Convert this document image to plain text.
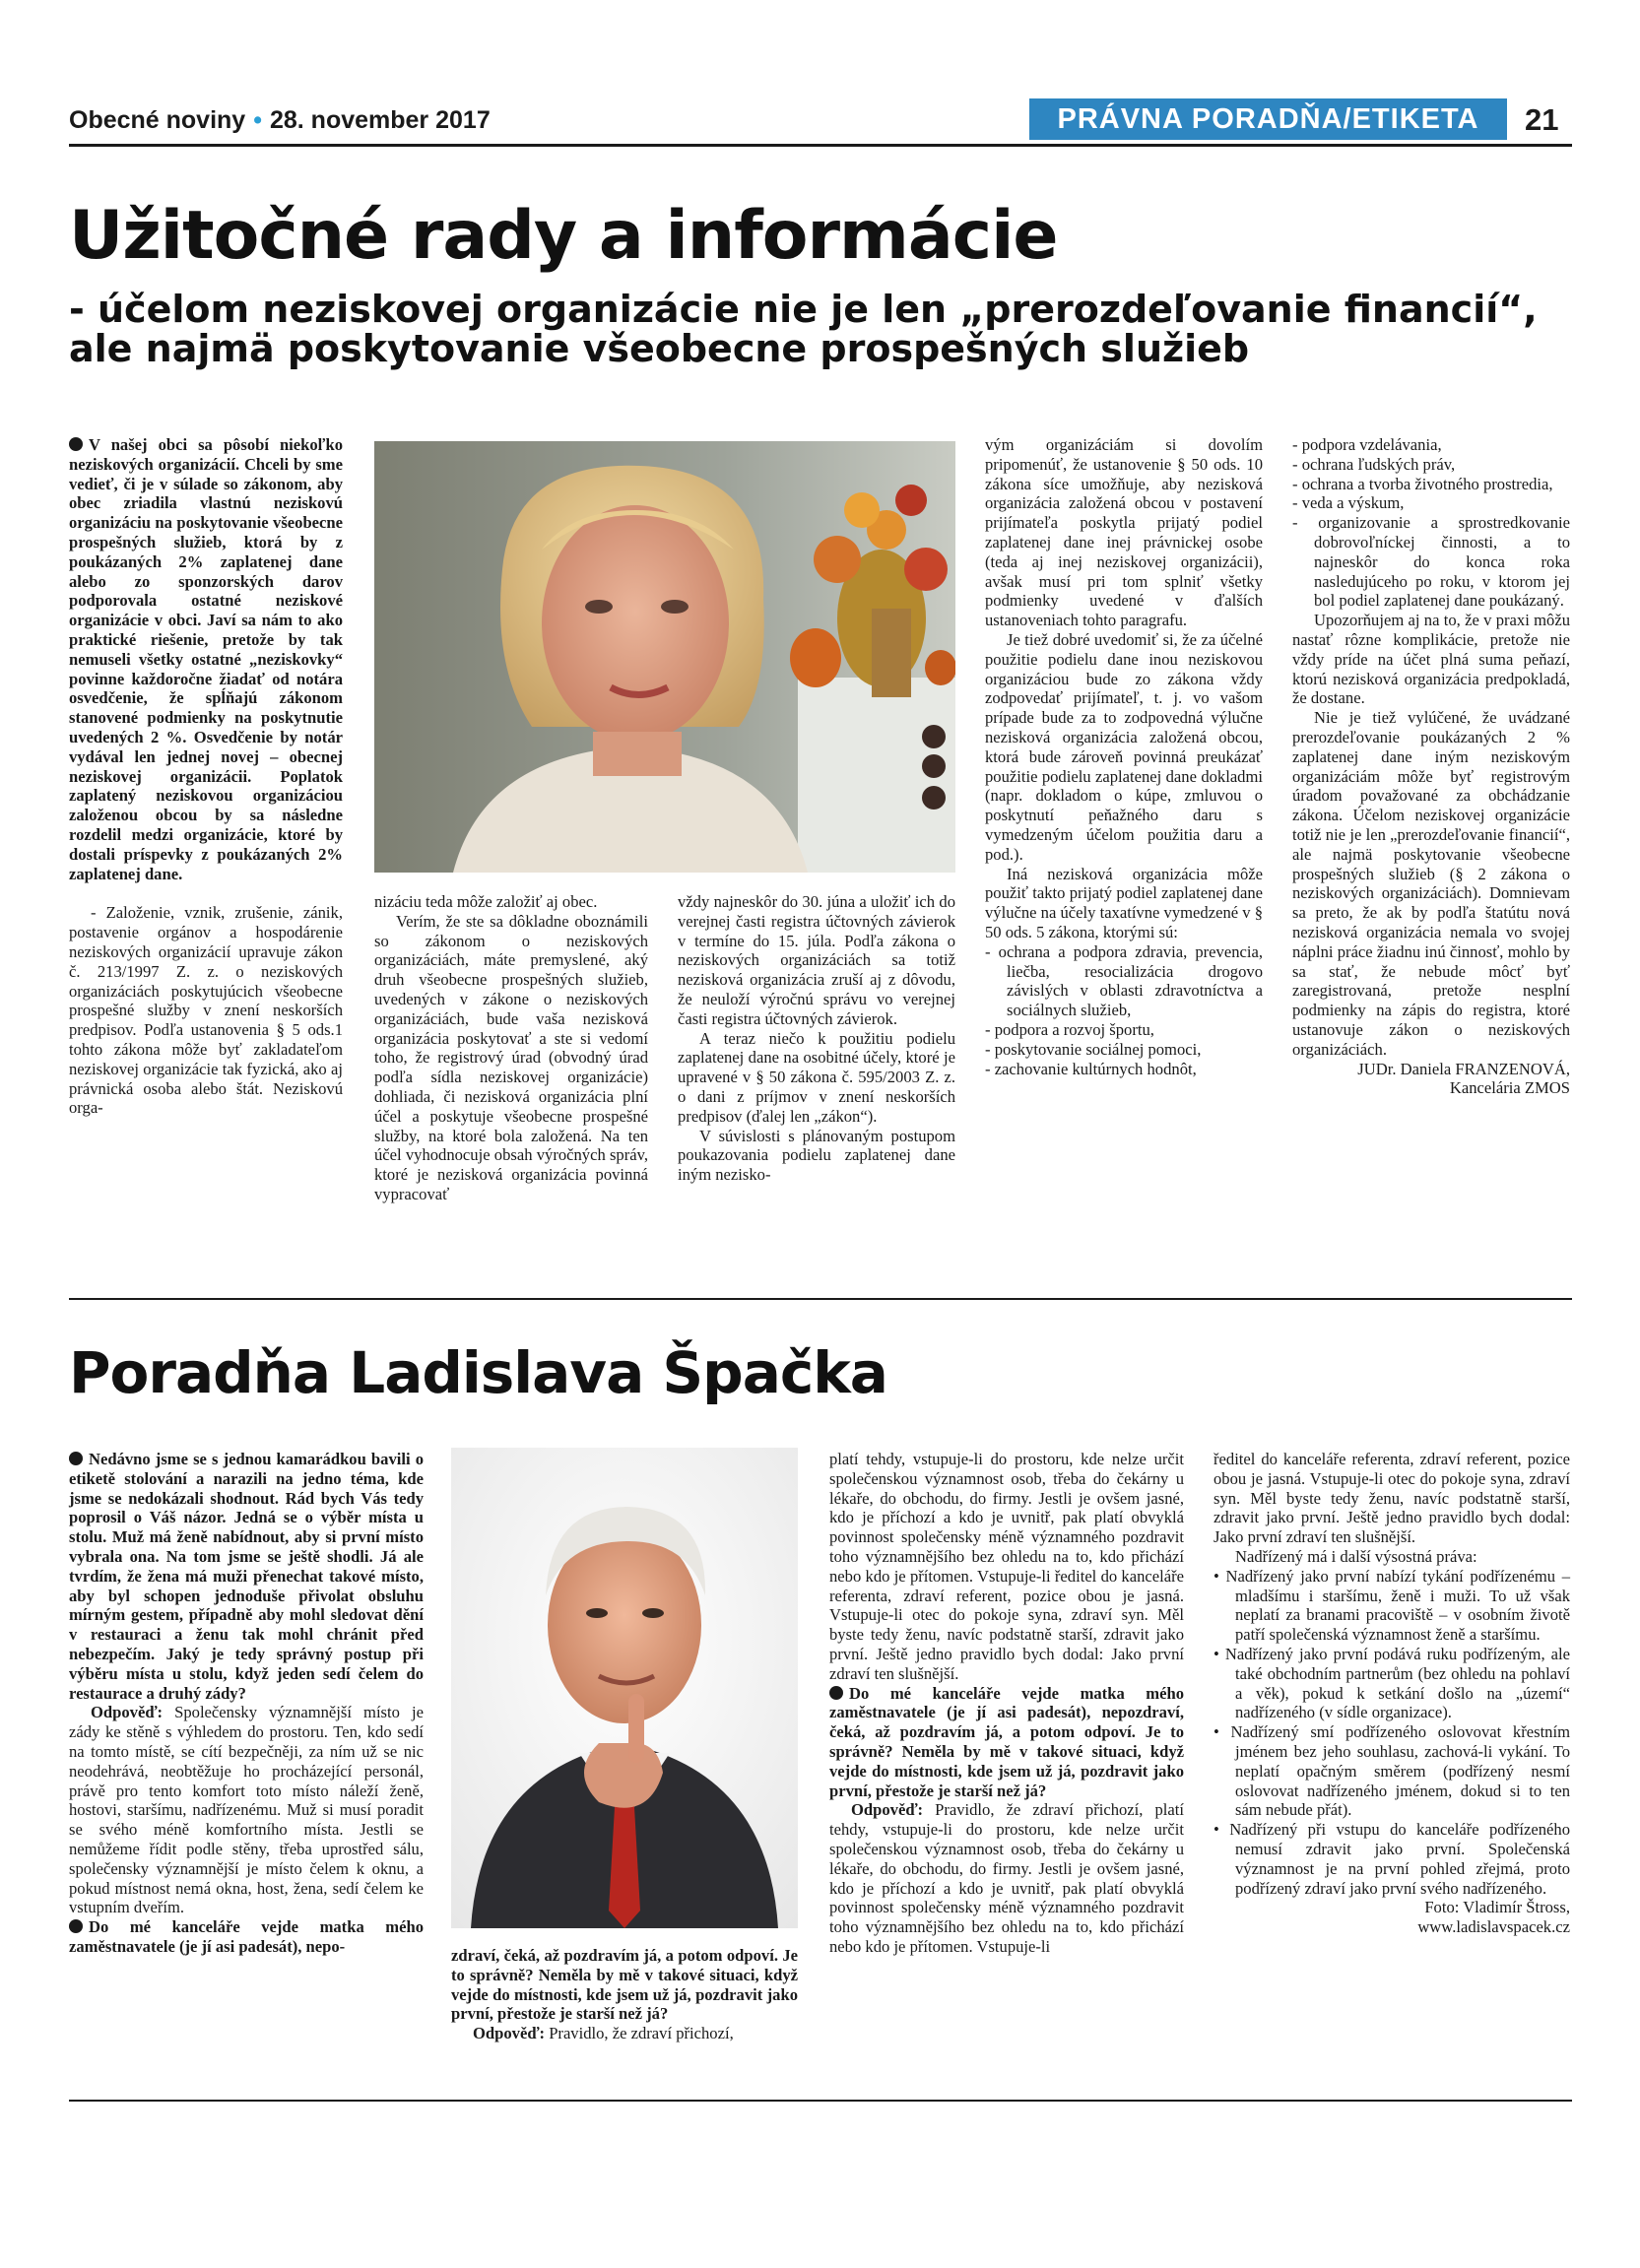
Obecné noviny • 28. november 2017	PRÁVNA PORADŇA/ETIKETA	21
Užitočné rady a informácie
- účelom neziskovej organizácie nie je len „prerozdeľovanie financií“, ale najmä poskytovanie všeobecne prospešných služieb

V našej obci sa pôsobí niekoľko neziskových organizácií. Chceli by sme vedieť, či je v súlade so zákonom, aby obec zriadila vlastnú neziskovú organizáciu na poskytovanie všeobecne prospešných služieb, ktorá by z poukázaných 2% zaplatenej dane alebo zo sponzorských darov podporovala ostatné neziskové organizácie v obci. Javí sa nám to ako praktické riešenie, pretože by tak nemuseli všetky ostatné „neziskovky“ povinne každoročne žiadať od notára osvedčenie, že spĺňajú zákonom stanovené podmienky na poskytnutie uvedených 2 %. Osvedčenie by notár vydával len jednej novej – obecnej neziskovej organizácii. Poplatok zaplatený neziskovou organizáciou založenou obcou by sa následne rozdelil medzi organizácie, ktoré by dostali príspevky z poukázaných 2% zaplatenej dane.

- Založenie, vznik, zrušenie, zánik, postavenie orgánov a hospodárenie neziskových organizácií upravuje zákon č. 213/1997 Z. z. o neziskových organizáciách poskytujúcich všeobecne prospešné služby v znení neskorších predpisov. Podľa ustanovenia § 5 ods.1 tohto zákona môže byť zakladateľom neziskovej organizácie tak fyzická, ako aj právnická osoba alebo štát. Neziskovú orga-

nizáciu teda môže založiť aj obec.

Verím, že ste sa dôkladne oboznámili so zákonom o neziskových organizáciách, máte premyslené, aký druh všeobecne prospešných služieb, uvedených v zákone o neziskových organizáciách, bude vaša nezisková organizácia poskytovať a ste si vedomí toho, že registrový úrad (obvodný úrad podľa sídla neziskovej organizácie) dohliada, či nezisková organizácia plní účel a poskytuje všeobecne prospešné služby, na ktoré bola založená. Na ten účel vyhodnocuje obsah výročných správ, ktoré je nezisková organizácia povinná vypracovať

vždy najneskôr do 30. júna a uložiť ich do verejnej časti registra účtovných závierok v termíne do 15. júla. Podľa zákona o neziskových organizáciách sa totiž nezisková organizácia zruší aj z dôvodu, že neuloží výročnú správu vo verejnej časti registra účtovných závierok.

A teraz niečo k použitiu podielu zaplatenej dane na osobitné účely, ktoré je upravené v § 50 zákona č. 595/2003 Z. z. o dani z príjmov v znení neskorších predpisov (ďalej len „zákon“).

V súvislosti s plánovaným postupom poukazovania podielu zaplatenej dane iným nezisko-

vým organizáciám si dovolím pripomenúť, že ustanovenie § 50 ods. 10 zákona síce umožňuje, aby nezisková organizácia založená obcou v postavení prijímateľa poskytla prijatý podiel zaplatenej dane inej právnickej osobe (teda aj inej neziskovej organizácii), avšak musí pri tom splniť všetky podmienky uvedené v ďalších ustanoveniach tohto paragrafu.

Je tiež dobré uvedomiť si, že za účelné použitie podielu dane inou neziskovou organizáciou bude zo zákona vždy zodpovedať prijímateľ, t. j. vo vašom prípade bude za to zodpovedná výlučne nezisková organizácia založená obcou, ktorá bude zároveň povinná preukázať použitie podielu zaplatenej dane dokladmi (napr. dokladom o kúpe, zmluvou o poskytnutí peňažného daru s vymedzeným účelom použitia daru a pod.).

Iná nezisková organizácia môže použiť takto prijatý podiel zaplatenej dane výlučne na účely taxatívne vymedzené v § 50 ods. 5 zákona, ktorými sú:

- ochrana a podpora zdravia, prevencia, liečba, resocializácia drogovo závislých v oblasti zdravotníctva a sociálnych služieb,
- podpora a rozvoj športu,
- poskytovanie sociálnej pomoci,
- zachovanie kultúrnych hodnôt,
- podpora vzdelávania,
- ochrana ľudských práv,
- ochrana a tvorba životného prostredia,
- veda a výskum,
- organizovanie a sprostredkovanie dobrovoľníckej činnosti, a to najneskôr do konca roka nasledujúceho po roku, v ktorom jej bol podiel zaplatenej dane poukázaný.

Upozorňujem aj na to, že v praxi môžu nastať rôzne komplikácie, pretože nie vždy príde na účet plná suma peňazí, ktorú nezisková organizácia predpokladá, že dostane.

Nie je tiež vylúčené, že uvádzané prerozdeľovanie poukázaných 2 % zaplatenej dane iným neziskovým organizáciám môže byť registrovým úradom považované za obchádzanie zákona. Účelom neziskovej organizácie totiž nie je len „prerozdeľovanie financií“, ale najmä poskytovanie všeobecne prospešných služieb (§ 2 zákona o neziskových organizáciách). Domnievam sa preto, že ak by podľa štatútu nová nezisková organizácia nemala vo svojej náplni práce žiadnu inú činnosť, mohlo by sa stať, že nebude môcť byť zaregistrovaná, pretože nesplní podmienky na zápis do registra, ktoré ustanovuje zákon o neziskových organizáciách.

JUDr. Daniela FRANZENOVÁ,

Kancelária ZMOS

Poradňa Ladislava Špačka

Nedávno jsme se s jednou kamarádkou bavili o etiketě stolování a narazili na jedno téma, kde jsme se nedokázali shodnout. Rád bych Vás tedy poprosil o Váš názor. Jedná se o výběr místa u stolu. Muž má ženě nabídnout, aby si první místo vybrala ona. Na tom jsme se ještě shodli. Já ale tvrdím, že žena má muži přenechat takové místo, aby byl schopen jednoduše přivolat obsluhu mírným gestem, případně aby mohl sledovat dění v restauraci a ženu tak mohl chránit před nebezpečím. Jaký je tedy správný postup při výběru místa u stolu, když jeden sedí čelem do restaurace a druhý zády?

Odpověď: Společensky významnější místo je zády ke stěně s výhledem do prostoru. Ten, kdo sedí na tomto místě, se cítí bezpečněji, za ním už se nic neodehrává, neobtěžuje ho procházející personál, právě pro tento komfort toto místo náleží ženě, hostovi, staršímu, nadřízenému. Muž si musí poradit se svého méně komfortního místa. Jestli se nemůžeme řídit podle stěny, třeba uprostřed sálu, společensky významnější je místo čelem k oknu, a pokud místnost nemá okna, host, žena, sedí čelem ke vstupním dveřím.

Do mé kanceláře vejde matka mého zaměstnavatele (je jí asi padesát), nepo-	zdraví, čeká, až pozdravím já, a potom odpoví. Je to správně? Neměla by mě v takové situaci, když vejde do místnosti, kde jsem už já, pozdravit jako první, přestože je starší než já?

Odpověď: Pravidlo, že zdraví přichozí,

platí tehdy, vstupuje-li do prostoru, kde nelze určit společenskou významnost osob, třeba do čekárny u lékaře, do obchodu, do firmy. Jestli je ovšem jasné, kdo je příchozí a kdo je uvnitř, pak platí obvyklá povinnost společensky méně významného pozdravit toho významnějšího bez ohledu na to, kdo přichází nebo kdo je přítomen. Vstupuje-li ředitel do kanceláře referenta, zdraví referent, pozice obou je jasná. Vstupuje-li otec do pokoje syna, zdraví syn. Měl byste tedy ženu, navíc podstatně starší, zdravit jako první. Ještě jedno pravidlo bych dodal: Jako první zdraví ten slušnější.

Do mé kanceláře vejde matka mého zaměstnavatele (je jí asi padesát), nepozdraví, čeká, až pozdravím já, a potom odpoví. Je to správně? Neměla by mě v takové situaci, když vejde do místnosti, kde jsem už já, pozdravit jako první, přestože je starší než já?

Odpověď: Pravidlo, že zdraví přichozí, platí tehdy, vstupuje-li do prostoru, kde nelze určit společenskou významnost osob, třeba do čekárny u lékaře, do obchodu, do firmy. Jestli je ovšem jasné, kdo je příchozí a kdo je uvnitř, pak platí obvyklá povinnost společensky méně významného pozdravit toho významnějšího bez ohledu na to, kdo přichází nebo kdo je přítomen. Vstupuje-li

ředitel do kanceláře referenta, zdraví referent, pozice obou je jasná. Vstupuje-li otec do pokoje syna, zdraví syn. Měl byste tedy ženu, navíc podstatně starší, zdravit jako první. Ještě jedno pravidlo bych dodal: Jako první zdraví ten slušnější.

Nadřízený má i další výsostná práva:

• Nadřízený jako první nabízí tykání podřízenému – mladšímu i staršímu, ženě i muži. To už však neplatí za branami pracoviště – v osobním životě patří společenská významnost ženě a staršímu.
• Nadřízený jako první podává ruku podřízeným, ale také obchodním partnerům (bez ohledu na pohlaví a věk), pokud k setkání došlo na „území“ nadřízeného (v sídle organizace).
• Nadřízený smí podřízeného oslovovat křestním jménem bez jeho souhlasu, zachová-li vykání. To neplatí opačným směrem (podřízený nesmí oslovovat nadřízeného jménem, dokud si to ten sám nebude přát).
• Nadřízený při vstupu do kanceláře podřízeného nemusí zdravit jako první. Společenská významnost je na první pohled zřejmá, proto podřízený zdraví jako první svého nadřízeného.

Foto: Vladimír Štross,

www.ladislavspacek.cz
